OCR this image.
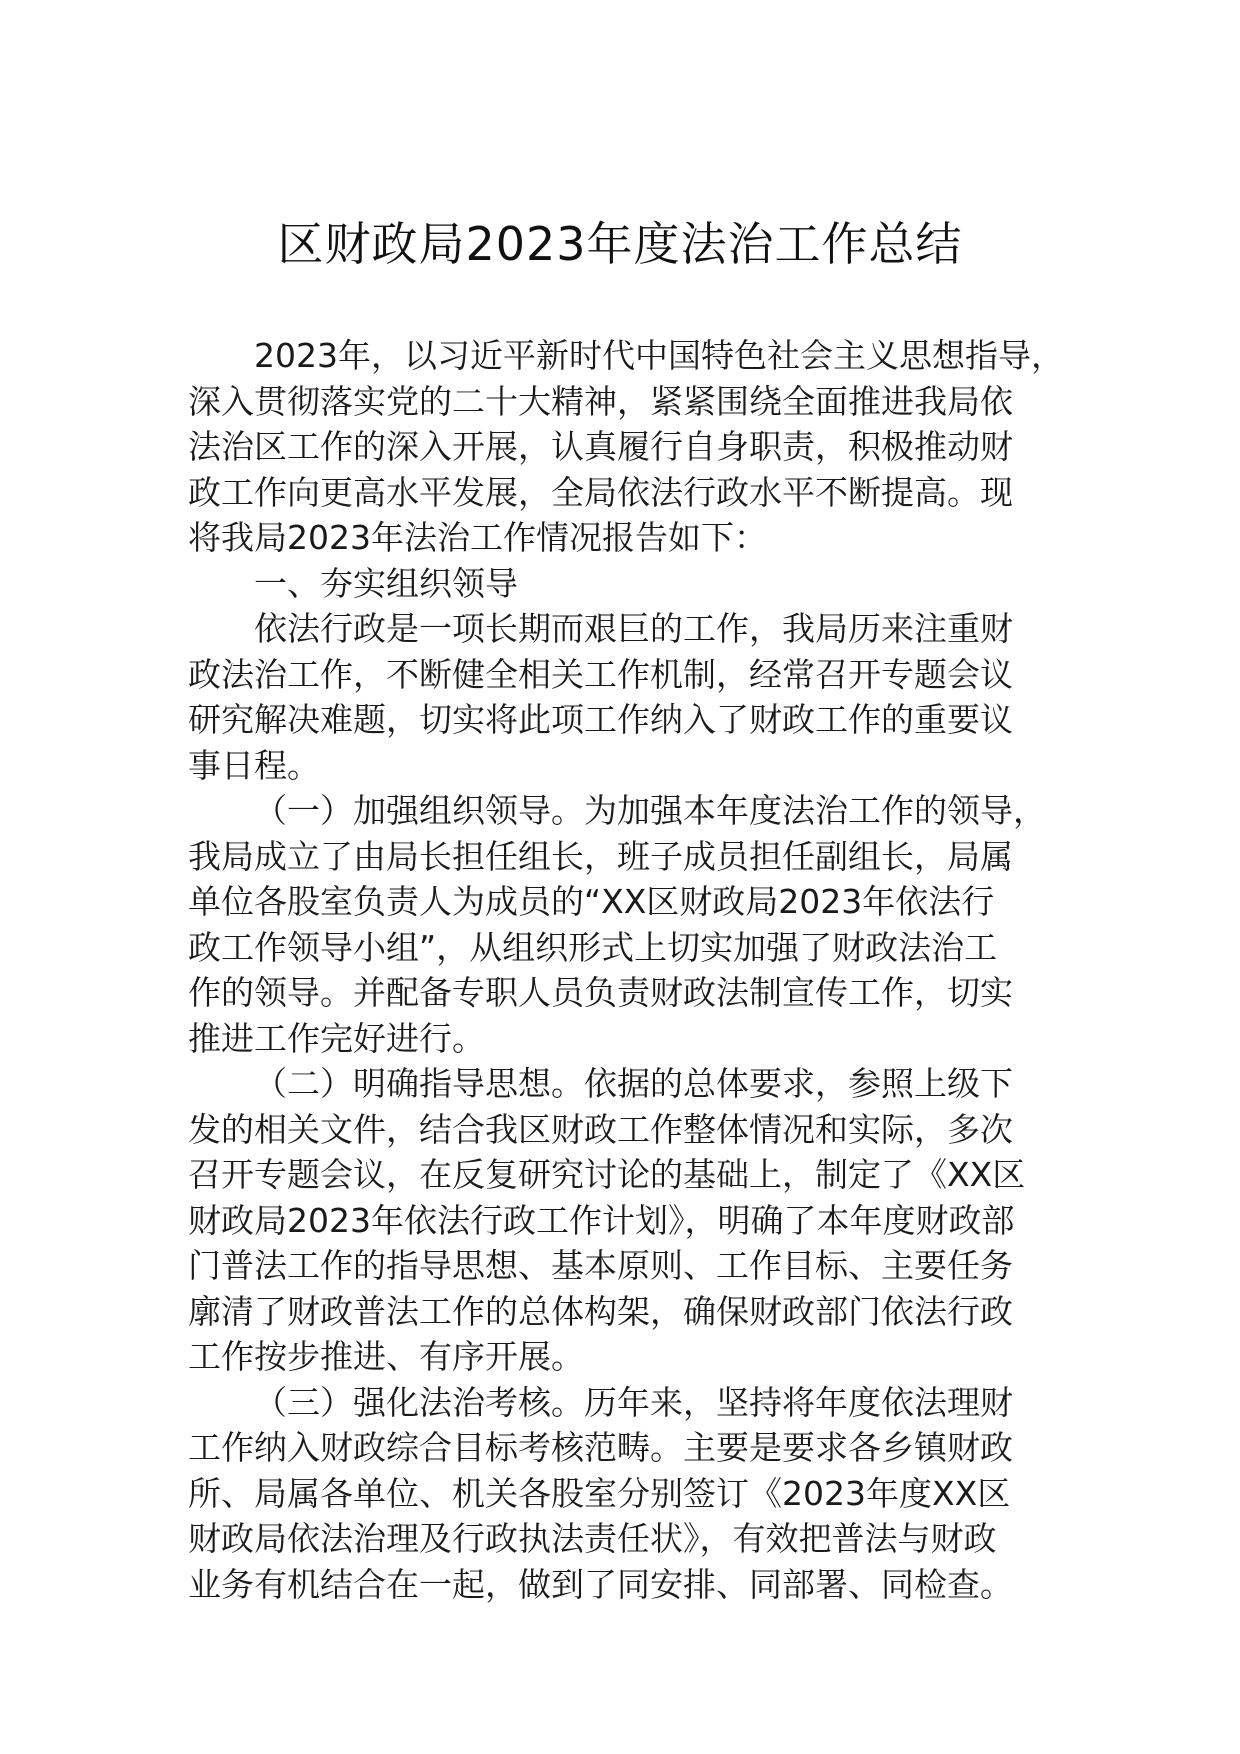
区财政局2023年度法治工作总结
2023年，以习近平新时代中国特色社会主义思想指导，
深入贯彻落实党的二十大精神，紧紧围绕全面推进我局依
法治区工作的深入开展，认真履行自身职责，积极推动财
政工作向更高水平发展，全局依法行政水平不断提高。现
将我局2023年法治工作情况报告如下：
一、夯实组织领导
依法行政是一项长期而艰巨的工作，我局历来注重财
政法治工作，不断健全相关工作机制，经常召开专题会议
研究解决难题，切实将此项工作纳入了财政工作的重要议
事日程。
（一）加强组织领导。为加强本年度法治工作的领导，
我局成立了由局长担任组长，班子成员担任副组长，局属
单位各股室负责人为成员的“XX区财政局2023年依法行
政工作领导小组”，从组织形式上切实加强了财政法治工
作的领导。并配备专职人员负责财政法制宣传工作，切实
推进工作完好进行。
（二）明确指导思想。依据的总体要求，参照上级下
发的相关文件，结合我区财政工作整体情况和实际，多次
召开专题会议，在反复研究讨论的基础上，制定了《XX区
财政局2023年依法行政工作计划》，明确了本年度财政部
门普法工作的指导思想、基本原则、工作目标、主要任务
廓清了财政普法工作的总体构架，确保财政部门依法行政
工作按步推进、有序开展。
（三）强化法治考核。历年来，坚持将年度依法理财
工作纳入财政综合目标考核范畴。主要是要求各乡镇财政
所、局属各单位、机关各股室分别签订《2023年度XX区
财政局依法治理及行政执法责任状》，有效把普法与财政
业务有机结合在一起，做到了同安排、同部署、同检查。
